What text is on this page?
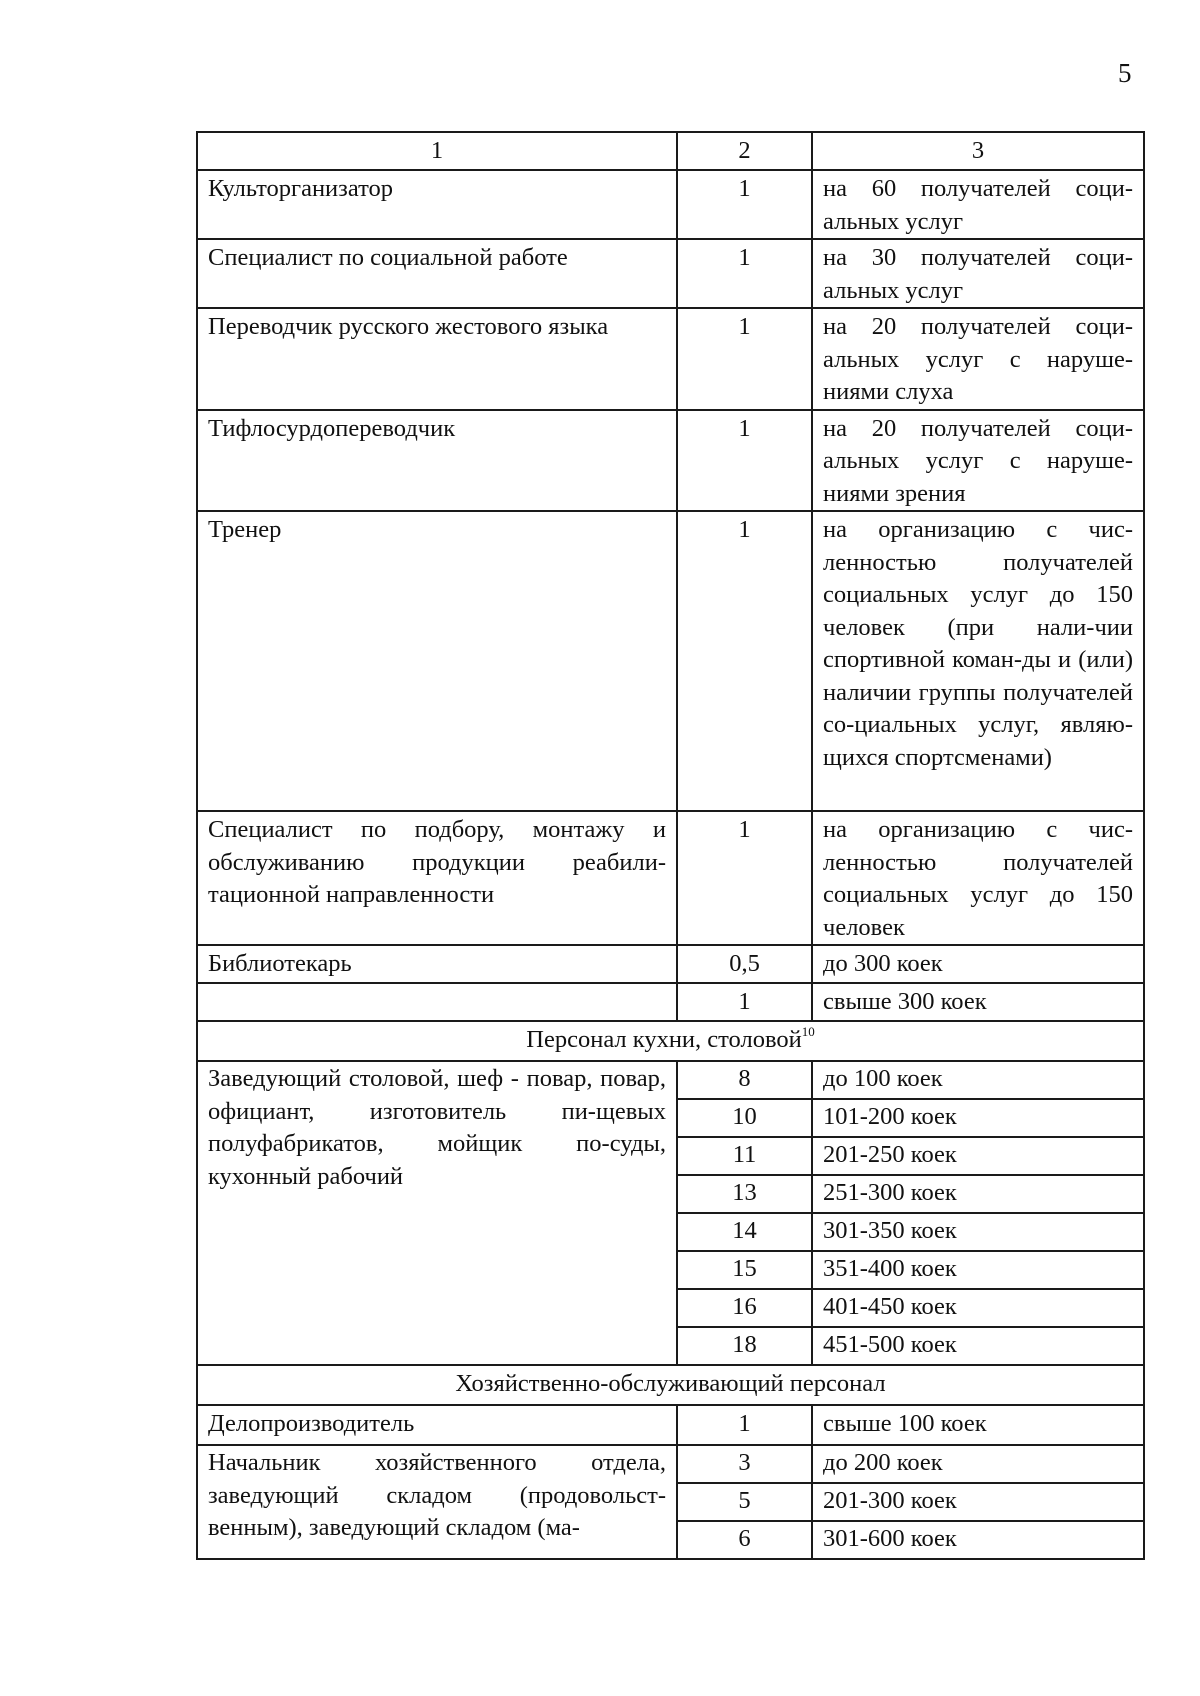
5
1	2	3
Культорганизатор	1	на 60 получателей соци-альных услуг
Специалист по социальной работе	1	на 30 получателей соци-альных услуг
Переводчик русского жестового языка	1	на 20 получателей соци-альных услуг с наруше-ниями слуха
Тифлосурдопереводчик	1	на 20 получателей соци-альных услуг с наруше-ниями зрения
Тренер	1	на организацию с чис-ленностью получателей социальных услуг до 150 человек (при нали-чии спортивной коман-ды и (или) наличии группы получателей со-циальных услуг, являю-щихся спортсменами)
Специалист по подбору, монтажу и обслуживанию продукции реабили-тационной направленности	1	на организацию с чис-ленностью получателей социальных услуг до 150 человек
Библиотекарь	0,5	до 300 коек
	1	свыше 300 коек
Персонал кухни, столовой$^{10}$
Заведующий столовой, шеф - повар, повар, официант, изготовитель пи-щевых полуфабрикатов, мойщик по-суды, кухонный рабочий	8	до 100 коек
	10	101-200 коек
	11	201-250 коек
	13	251-300 коек
	14	301-350 коек
	15	351-400 коек
	16	401-450 коек
	18	451-500 коек
Хозяйственно-обслуживающий персонал		
Делопроизводитель	1	свыше 100 коек
Начальник хозяйственного отдела, заведующий складом (продовольст-венным), заведующий складом (ма-	3	до 200 коек
	5	201-300 коек
	6	301-600 коек
